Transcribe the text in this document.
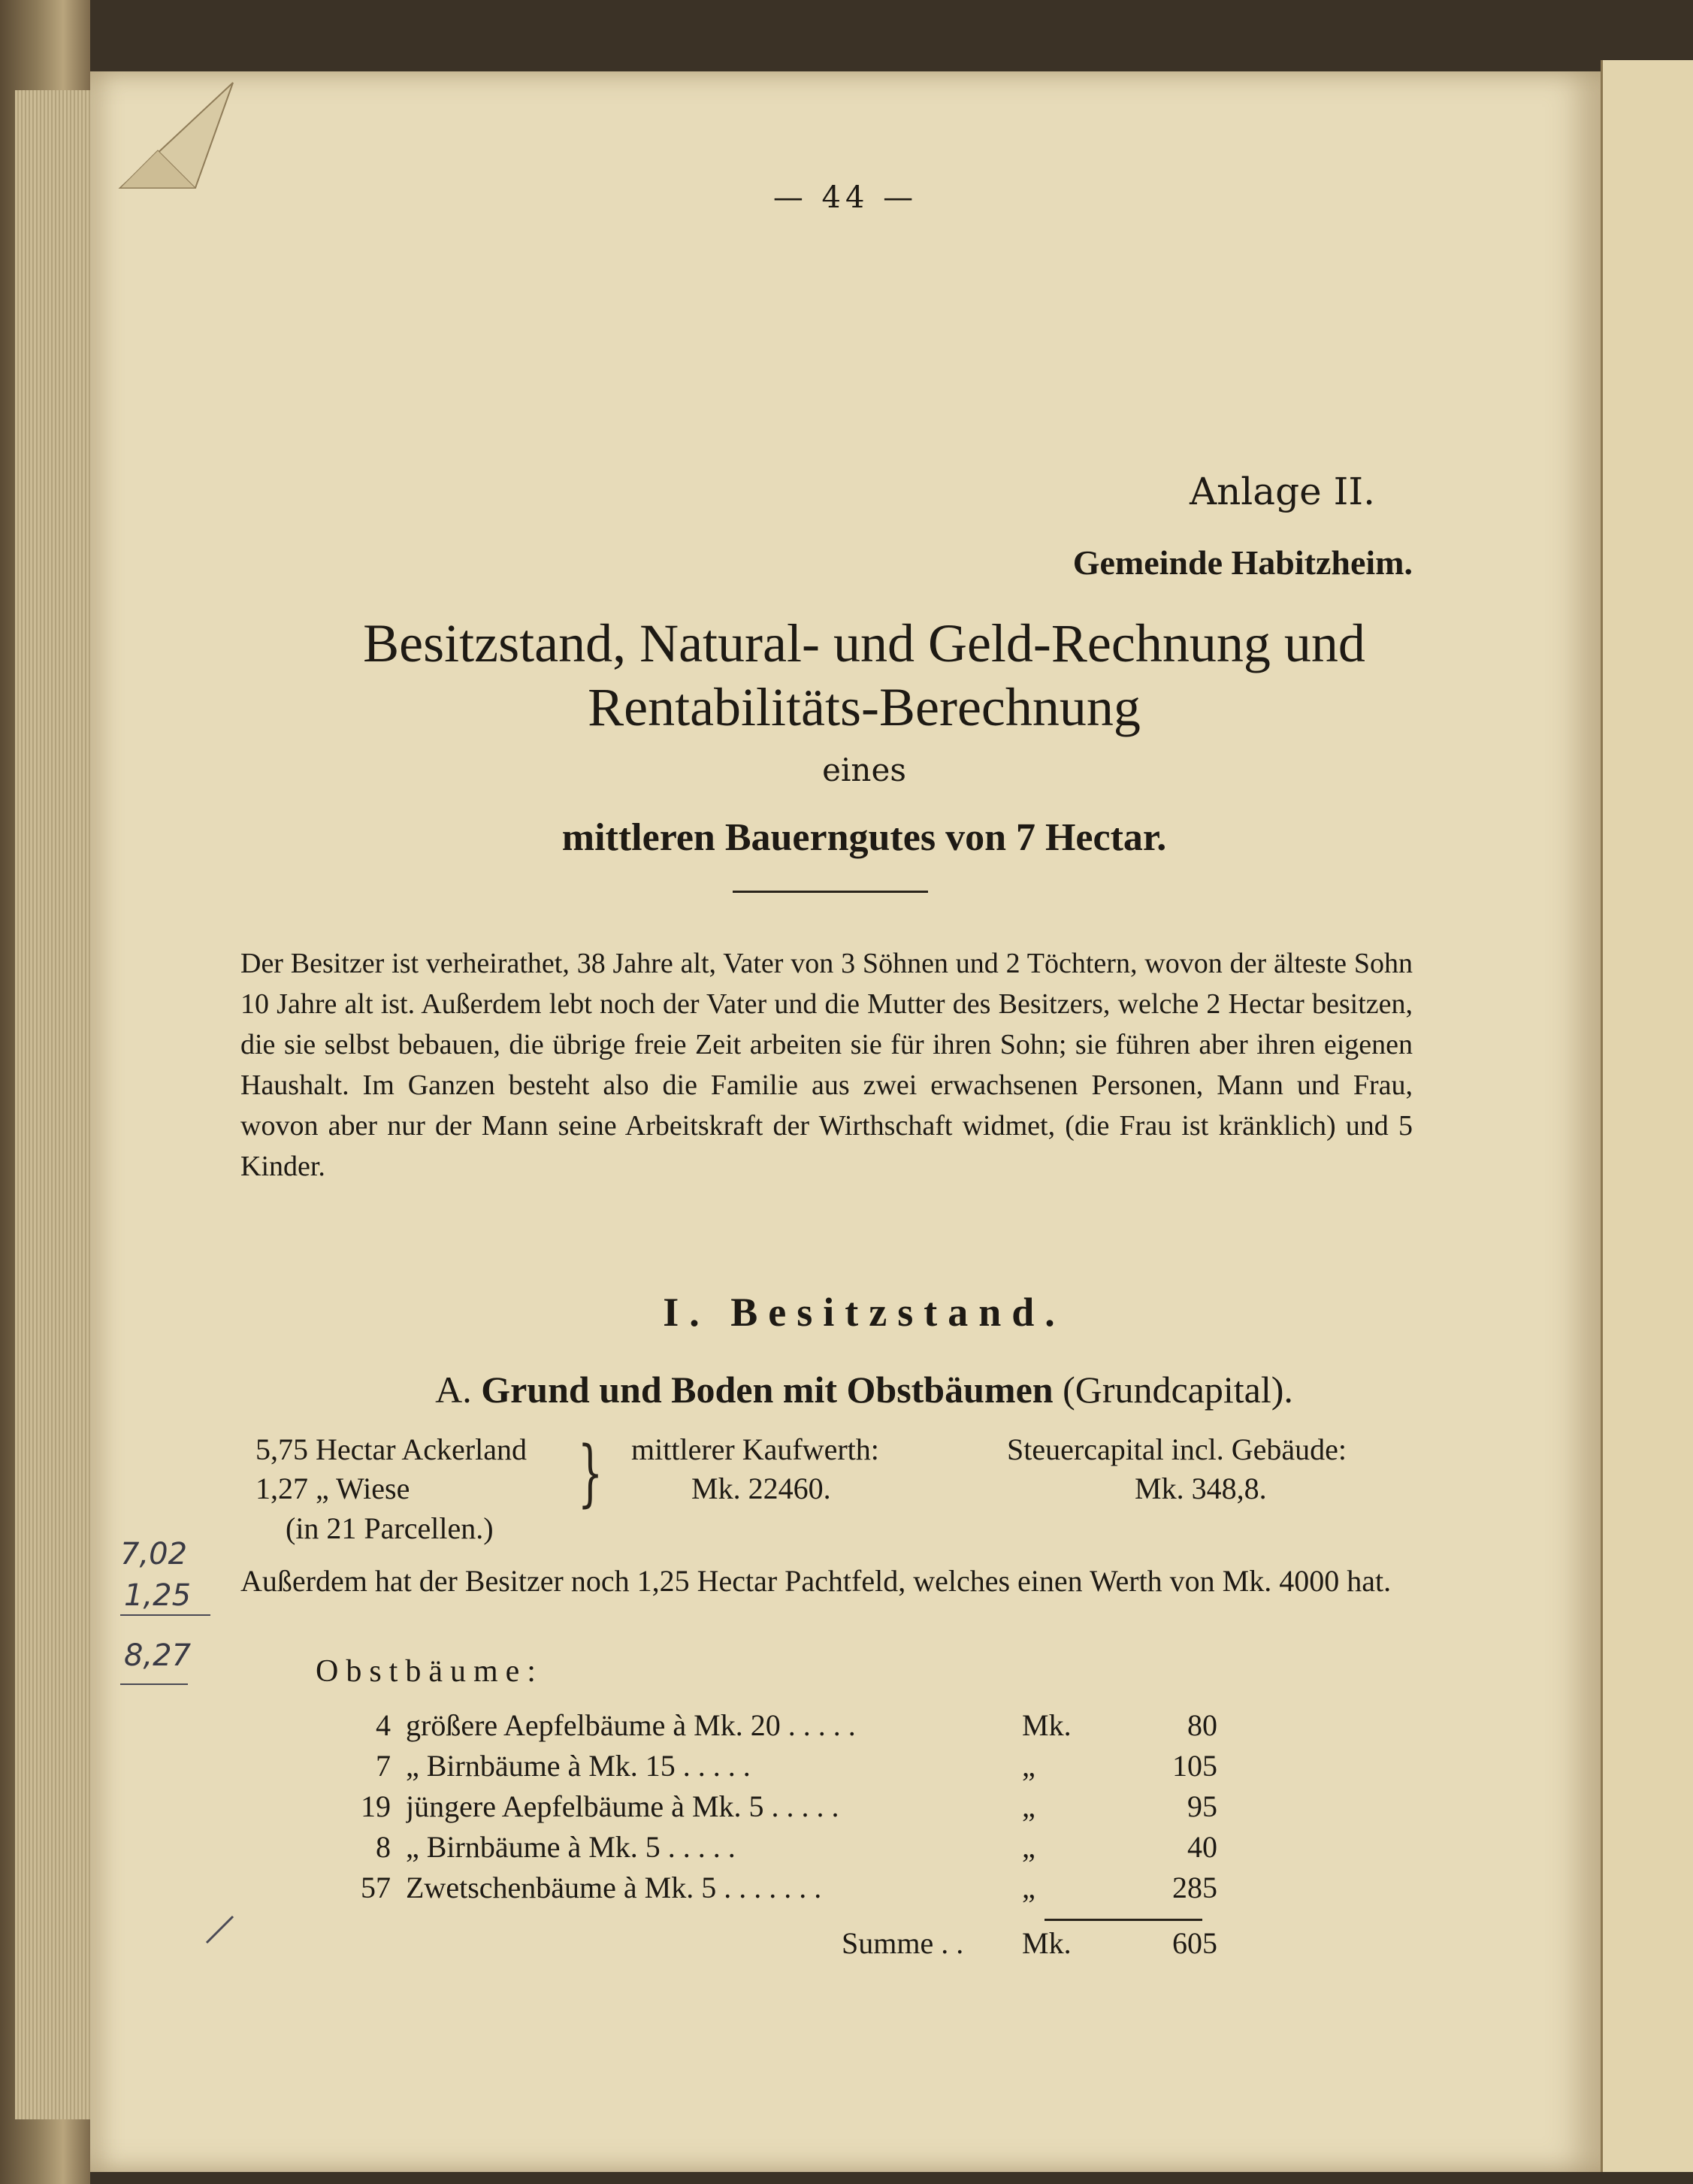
— 44 —
Anlage II.
Gemeinde Habitzheim.
Besitzstand, Natural- und Geld-Rechnung und
Rentabilitäts-Berechnung
eines
mittleren Bauerngutes von 7 Hectar.
Der Besitzer ist verheirathet, 38 Jahre alt, Vater von 3 Söhnen und 2 Töchtern, wovon der älteste Sohn 10 Jahre alt ist. Außerdem lebt noch der Vater und die Mutter des Besitzers, welche 2 Hectar besitzen, die sie selbst bebauen, die übrige freie Zeit arbeiten sie für ihren Sohn; sie führen aber ihren eigenen Haushalt. Im Ganzen besteht also die Familie aus zwei erwachsenen Personen, Mann und Frau, wovon aber nur der Mann seine Arbeitskraft der Wirthschaft widmet, (die Frau ist kränklich) und 5 Kinder.
I. Besitzstand.
A. Grund und Boden mit Obstbäumen (Grundcapital).
5,75 Hectar Ackerland
1,27 „ Wiese
(in 21 Parcellen.)
} mittlerer Kaufwerth:
Mk. 22460.
Steuercapital incl. Gebäude:
Mk. 348,8.
Außerdem hat der Besitzer noch 1,25 Hectar Pachtfeld, welches einen Werth von Mk. 4000 hat.
Obstbäume:
4 größere Aepfelbäume à Mk. 20 . . . . .	Mk.	80
7 „ Birnbäume à Mk. 15 . . . . .	„	105
19 jüngere Aepfelbäume à Mk. 5 . . . . .	„	95
8 „ Birnbäume à Mk. 5 . . . . .	„	40
57 Zwetschenbäume à Mk. 5 . . . . . . .	„	285
Summe . .	Mk.	605
7,02
1,25
8,27
